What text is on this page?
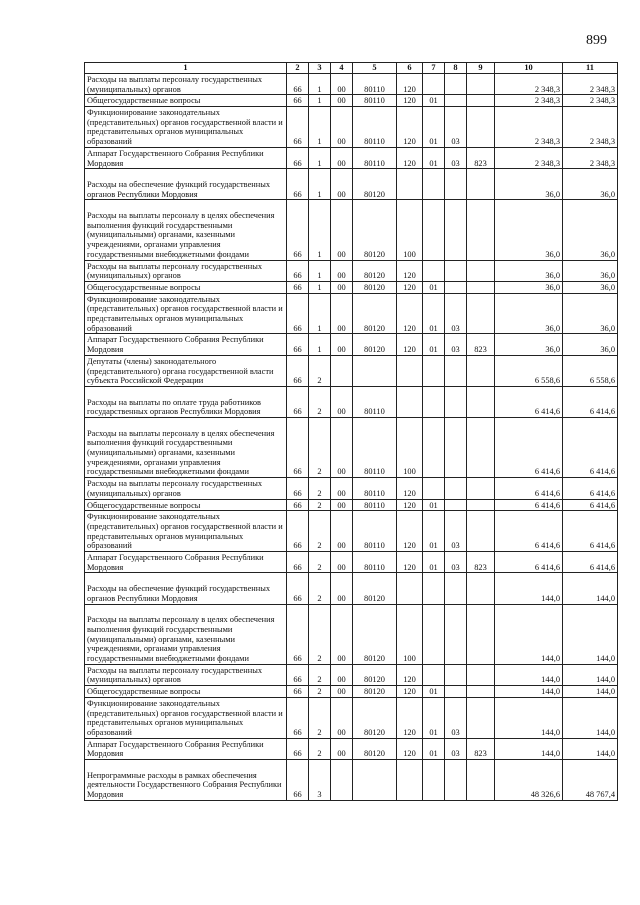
899
1	2	3	4	5	6	7	8	9	10	11
Расходы на выплаты персоналу государственных (муниципальных) органов	66	1	00	80110	120				2 348,3	2 348,3
Общегосударственные вопросы	66	1	00	80110	120	01			2 348,3	2 348,3
Функционирование законодательных (представительных) органов государственной власти и представительных органов муниципальных образований	66	1	00	80110	120	01	03		2 348,3	2 348,3
Аппарат Государственного Собрания Республики Мордовия	66	1	00	80110	120	01	03	823	2 348,3	2 348,3
Расходы на обеспечение функций государственных органов Республики Мордовия	66	1	00	80120					36,0	36,0
Расходы на выплаты персоналу в целях обеспечения выполнения функций государственными (муниципальными) органами, казенными учреждениями, органами управления государственными внебюджетными фондами	66	1	00	80120	100				36,0	36,0
Расходы на выплаты персоналу государственных (муниципальных) органов	66	1	00	80120	120				36,0	36,0
Общегосударственные вопросы	66	1	00	80120	120	01			36,0	36,0
Функционирование законодательных (представительных) органов государственной власти и представительных органов муниципальных образований	66	1	00	80120	120	01	03		36,0	36,0
Аппарат Государственного Собрания Республики Мордовия	66	1	00	80120	120	01	03	823	36,0	36,0
Депутаты (члены) законодательного (представительного) органа государственной власти субъекта Российской Федерации	66	2							6 558,6	6 558,6
Расходы на выплаты по оплате труда работников государственных органов Республики Мордовия	66	2	00	80110					6 414,6	6 414,6
Расходы на выплаты персоналу в целях обеспечения выполнения функций государственными (муниципальными) органами, казенными учреждениями, органами управления государственными внебюджетными фондами	66	2	00	80110	100				6 414,6	6 414,6
Расходы на выплаты персоналу государственных (муниципальных) органов	66	2	00	80110	120				6 414,6	6 414,6
Общегосударственные вопросы	66	2	00	80110	120	01			6 414,6	6 414,6
Функционирование законодательных (представительных) органов государственной власти и представительных органов муниципальных образований	66	2	00	80110	120	01	03		6 414,6	6 414,6
Аппарат Государственного Собрания Республики Мордовия	66	2	00	80110	120	01	03	823	6 414,6	6 414,6
Расходы на обеспечение функций государственных органов Республики Мордовия	66	2	00	80120					144,0	144,0
Расходы на выплаты персоналу в целях обеспечения выполнения функций государственными (муниципальными) органами, казенными учреждениями, органами управления государственными внебюджетными фондами	66	2	00	80120	100				144,0	144,0
Расходы на выплаты персоналу государственных (муниципальных) органов	66	2	00	80120	120				144,0	144,0
Общегосударственные вопросы	66	2	00	80120	120	01			144,0	144,0
Функционирование законодательных (представительных) органов государственной власти и представительных органов муниципальных образований	66	2	00	80120	120	01	03		144,0	144,0
Аппарат Государственного Собрания Республики Мордовия	66	2	00	80120	120	01	03	823	144,0	144,0
Непрограммные расходы в рамках обеспечения деятельности Государственного Собрания Республики Мордовия	66	3							48 326,6	48 767,4
